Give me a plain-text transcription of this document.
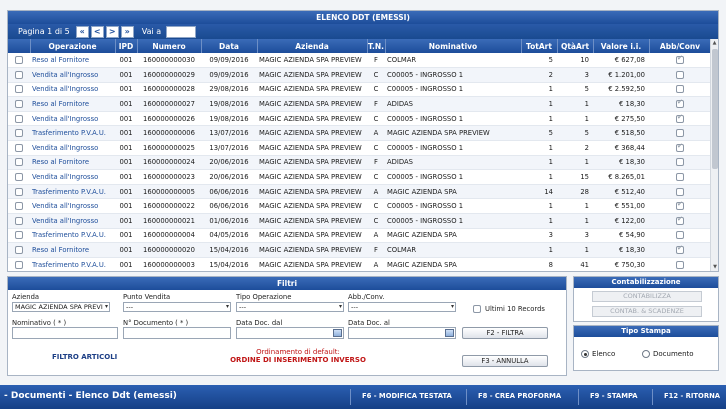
ELENCO DDT (EMESSI)
Pagina 1 di 5	«	<	>	»	Vai a
	Operazione	IPD	Numero	Data	Azienda	T.N.	Nominativo	TotArt	QtàArt	Valore i.i.	Abb/Conv
	Reso al Fornitore	001	160000000030	09/09/2016	MAGIC AZIENDA SPA PREVIEW	F	COLMAR	5	10	€ 627,08	✔
	Vendita all'Ingrosso	001	160000000029	09/09/2016	MAGIC AZIENDA SPA PREVIEW	C	C00005 - INGROSSO 1	2	3	€ 1.201,00	
	Vendita all'Ingrosso	001	160000000028	29/08/2016	MAGIC AZIENDA SPA PREVIEW	C	C00005 - INGROSSO 1	1	5	€ 2.592,50	
	Reso al Fornitore	001	160000000027	19/08/2016	MAGIC AZIENDA SPA PREVIEW	F	ADIDAS	1	1	€ 18,30	✔
	Vendita all'Ingrosso	001	160000000026	19/08/2016	MAGIC AZIENDA SPA PREVIEW	C	C00005 - INGROSSO 1	1	1	€ 275,50	✔
	Trasferimento P.V.A.U.	001	160000000006	13/07/2016	MAGIC AZIENDA SPA PREVIEW	A	MAGIC AZIENDA SPA PREVIEW	5	5	€ 518,50	
	Vendita all'Ingrosso	001	160000000025	13/07/2016	MAGIC AZIENDA SPA PREVIEW	C	C00005 - INGROSSO 1	1	2	€ 368,44	✔
	Reso al Fornitore	001	160000000024	20/06/2016	MAGIC AZIENDA SPA PREVIEW	F	ADIDAS	1	1	€ 18,30	
	Vendita all'Ingrosso	001	160000000023	20/06/2016	MAGIC AZIENDA SPA PREVIEW	C	C00005 - INGROSSO 1	1	15	€ 8.265,01	
	Trasferimento P.V.A.U.	001	160000000005	06/06/2016	MAGIC AZIENDA SPA PREVIEW	A	MAGIC AZIENDA SPA	14	28	€ 512,40	
	Vendita all'Ingrosso	001	160000000022	06/06/2016	MAGIC AZIENDA SPA PREVIEW	C	C00005 - INGROSSO 1	1	1	€ 551,00	✔
	Vendita all'Ingrosso	001	160000000021	01/06/2016	MAGIC AZIENDA SPA PREVIEW	C	C00005 - INGROSSO 1	1	1	€ 122,00	✔
	Trasferimento P.V.A.U.	001	160000000004	04/05/2016	MAGIC AZIENDA SPA PREVIEW	A	MAGIC AZIENDA SPA	3	3	€ 54,90	
	Reso al Fornitore	001	160000000020	15/04/2016	MAGIC AZIENDA SPA PREVIEW	F	COLMAR	1	1	€ 18,30	✔
	Trasferimento P.V.A.U.	001	160000000003	15/04/2016	MAGIC AZIENDA SPA PREVIEW	A	MAGIC AZIENDA SPA	8	41	€ 750,30	
▲
▼
Filtri
Azienda
MAGIC AZIENDA SPA PREVI ▾
Punto Vendita
---	▾
Tipo Operazione
---	▾
Abb./Conv.
---	▾	Ultimi 10 Records
Nominativo ( * )	N° Documento ( * )	Data Doc. dal	Data Doc. al
F2 - FILTRA
FILTRO ARTICOLI
Ordinamento di default:
ORDINE DI INSERIMENTO INVERSO	F3 - ANNULLA
Contabilizzazione
CONTABILIZZA
CONTAB. & SCADENZE
Tipo Stampa
Elenco	Documento
- Documenti - Elenco Ddt (emessi)	F6 - MODIFICA TESTATA	F8 - CREA PROFORMA	F9 - STAMPA	F12 - RITORNA
